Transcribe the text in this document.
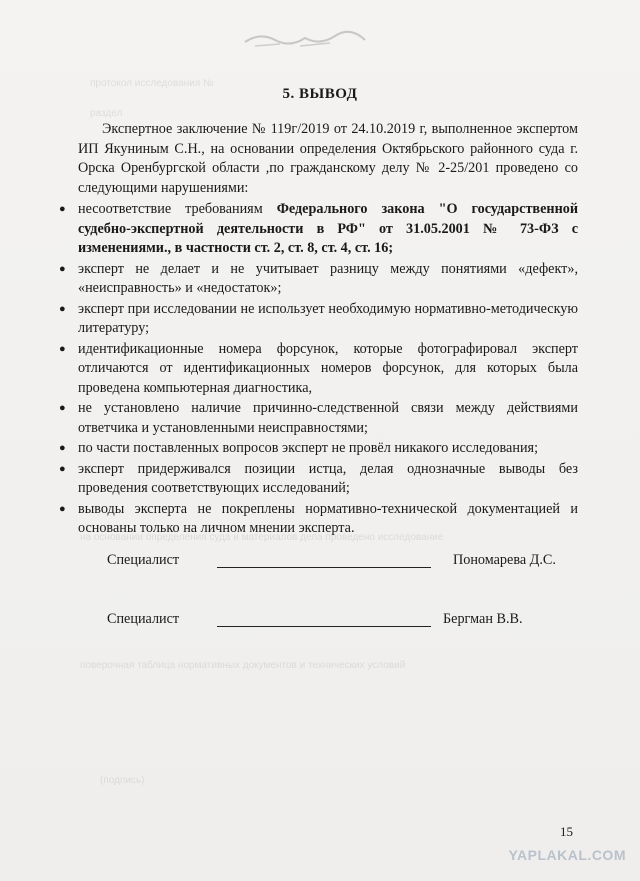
протокол исследования №
раздел
на основании определения суда и материалов дела проведено исследование
поверочная таблица нормативных документов и технических условий
(подпись)
5. ВЫВОД

Экспертное заключение № 119г/2019 от 24.10.2019 г, выполненное экспертом ИП Якуниным С.Н., на основании определения Октябрьского районного суда г. Орска Оренбургской области ,по гражданскому делу № 2-25/201 проведено со следующими нарушениями:

● несоответствие требованиям Федерального закона "О государственной судебно-экспертной деятельности в РФ" от 31.05.2001 № 73-ФЗ с изменениями., в частности ст. 2, ст. 8, ст. 4, ст. 16;
● эксперт не делает и не учитывает разницу между понятиями «дефект», «неисправность» и «недостаток»;
● эксперт при исследовании не использует необходимую нормативно-методическую литературу;
● идентификационные номера форсунок, которые фотографировал эксперт отличаются от идентификационных номеров форсунок, для которых была проведена компьютерная диагностика,
● не установлено наличие причинно-следственной связи между действиями ответчика и установленными неисправностями;
● по части поставленных вопросов эксперт не провёл никакого исследования;
● эксперт придерживался позиции истца, делая однозначные выводы без проведения соответствующих исследований;
● выводы эксперта не покреплены нормативно-технической документацией и основаны только на личном мнении эксперта.
Специалист	Пономарева Д.С.
Специалист	Бергман В.В.
15
YAPLAKAL.COM
